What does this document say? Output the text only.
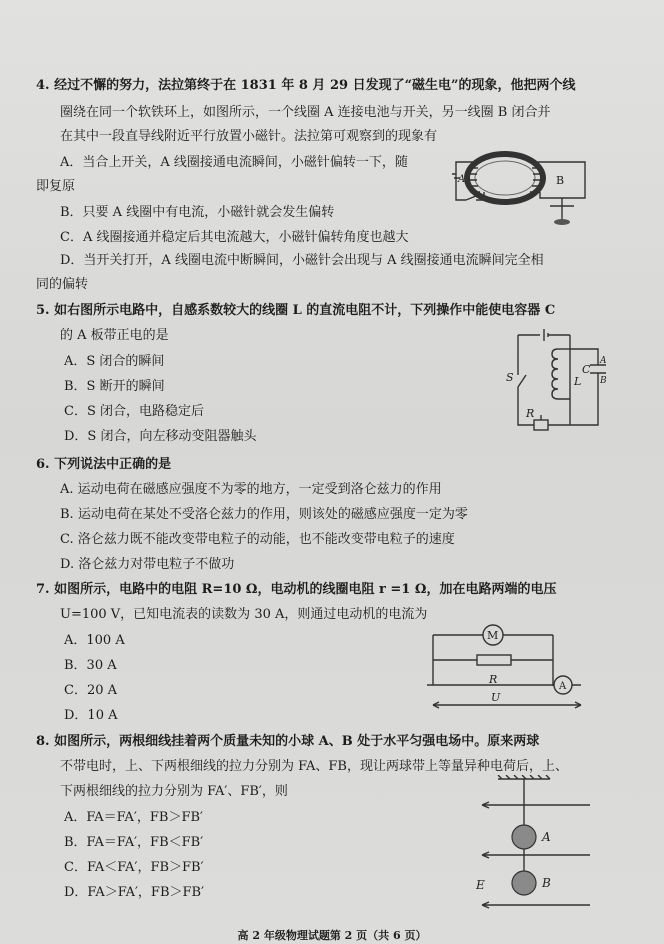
4. 经过不懈的努力，法拉第终于在 1831 年 8 月 29 日发现了“磁生电”的现象，他把两个线
圈绕在同一个软铁环上，如图所示，一个线圈 A 连接电池与开关，另一线圈 B 闭合并
在其中一段直导线附近平行放置小磁针。法拉第可观察到的现象有
A．当合上开关，A 线圈接通电流瞬间，小磁针偏转一下，随
即复原
B．只要 A 线圈中有电流，小磁针就会发生偏转
C．A 线圈接通并稳定后其电流越大，小磁针偏转角度也越大
D．当开关打开，A 线圈电流中断瞬间，小磁针会出现与 A 线圈接通电流瞬间完全相
同的偏转
A	B
5. 如右图所示电路中，自感系数较大的线圈 L 的直流电阻不计，下列操作中能使电容器 C
的 A 板带正电的是
A．S 闭合的瞬间
B．S 断开的瞬间
C．S 闭合，电路稳定后
D．S 闭合，向左移动变阻器触头
S	L
C
A
B
R
6. 下列说法中正确的是
A. 运动电荷在磁感应强度不为零的地方，一定受到洛仑兹力的作用
B. 运动电荷在某处不受洛仑兹力的作用，则该处的磁感应强度一定为零
C. 洛仑兹力既不能改变带电粒子的动能，也不能改变带电粒子的速度
D. 洛仑兹力对带电粒子不做功
7. 如图所示，电路中的电阻 R=10 Ω，电动机的线圈电阻 r =1 Ω，加在电路两端的电压
U=100 V，已知电流表的读数为 30 A，则通过电动机的电流为
A．100 A
B．30 A
C．20 A
D．10 A
M
R
A
U
8. 如图所示，两根细线挂着两个质量未知的小球 A、B 处于水平匀强电场中。原来两球
不带电时，上、下两根细线的拉力分别为 FA、FB，现让两球带上等量异种电荷后，上、
下两根细线的拉力分别为 FA′、FB′，则
A．FA＝FA′，FB＞FB′
B．FA＝FA′，FB＜FB′
C．FA＜FA′，FB＞FB′
D．FA＞FA′，FB＞FB′
A
B
E
高 2 年级物理试题第 2 页（共 6 页）
